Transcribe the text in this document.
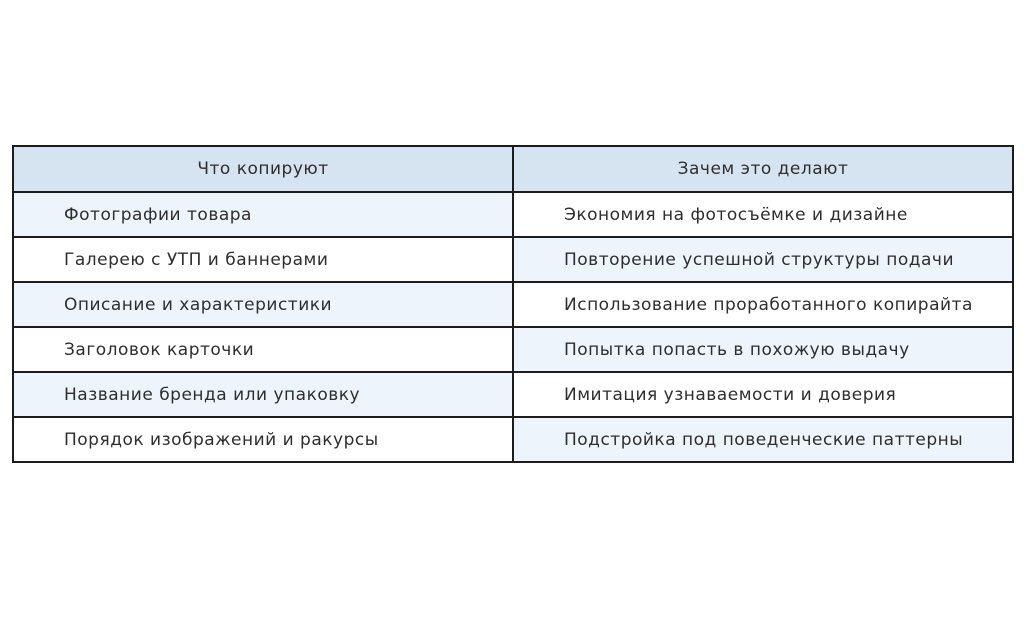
Что копируют	Зачем это делают
Фотографии товара	Экономия на фотосъёмке и дизайне
Галерею с УТП и баннерами	Повторение успешной структуры подачи
Описание и характеристики	Использование проработанного копирайта
Заголовок карточки	Попытка попасть в похожую выдачу
Название бренда или упаковку	Имитация узнаваемости и доверия
Порядок изображений и ракурсы	Подстройка под поведенческие паттерны
